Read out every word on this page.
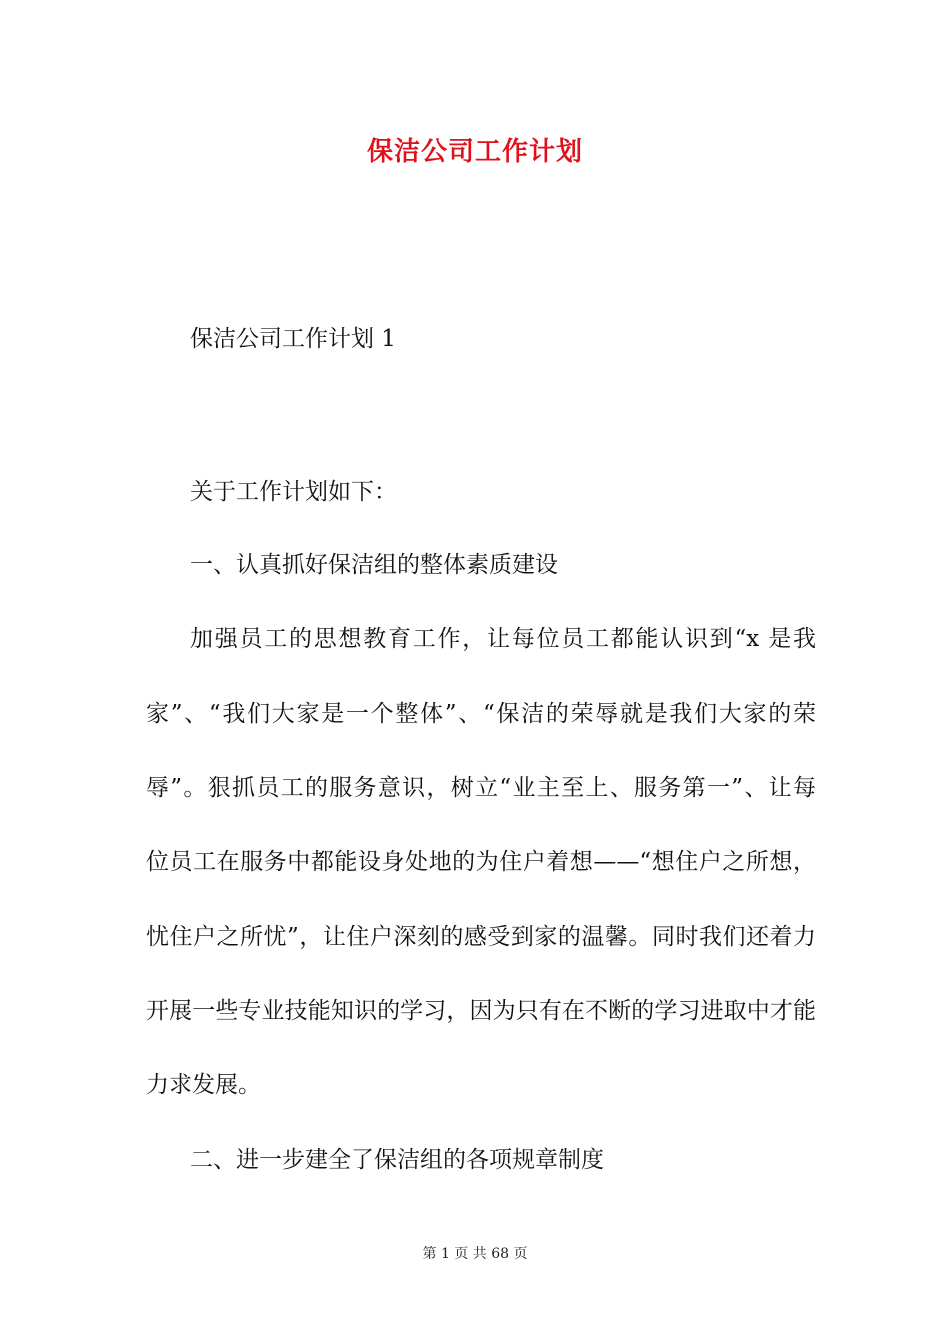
保洁公司工作计划
保洁公司工作计划 1
关于工作计划如下：
一、认真抓好保洁组的整体素质建设
加强员工的思想教育工作，让每位员工都能认识到“x 是我
家”、“我们大家是一个整体”、“保洁的荣辱就是我们大家的荣
辱”。狠抓员工的服务意识，树立“业主至上、服务第一”、让每
位员工在服务中都能设身处地的为住户着想——“想住户之所想，
忧住户之所忧”，让住户深刻的感受到家的温馨。同时我们还着力
开展一些专业技能知识的学习，因为只有在不断的学习进取中才能
力求发展。
二、进一步建全了保洁组的各项规章制度
第 1 页 共 68 页
